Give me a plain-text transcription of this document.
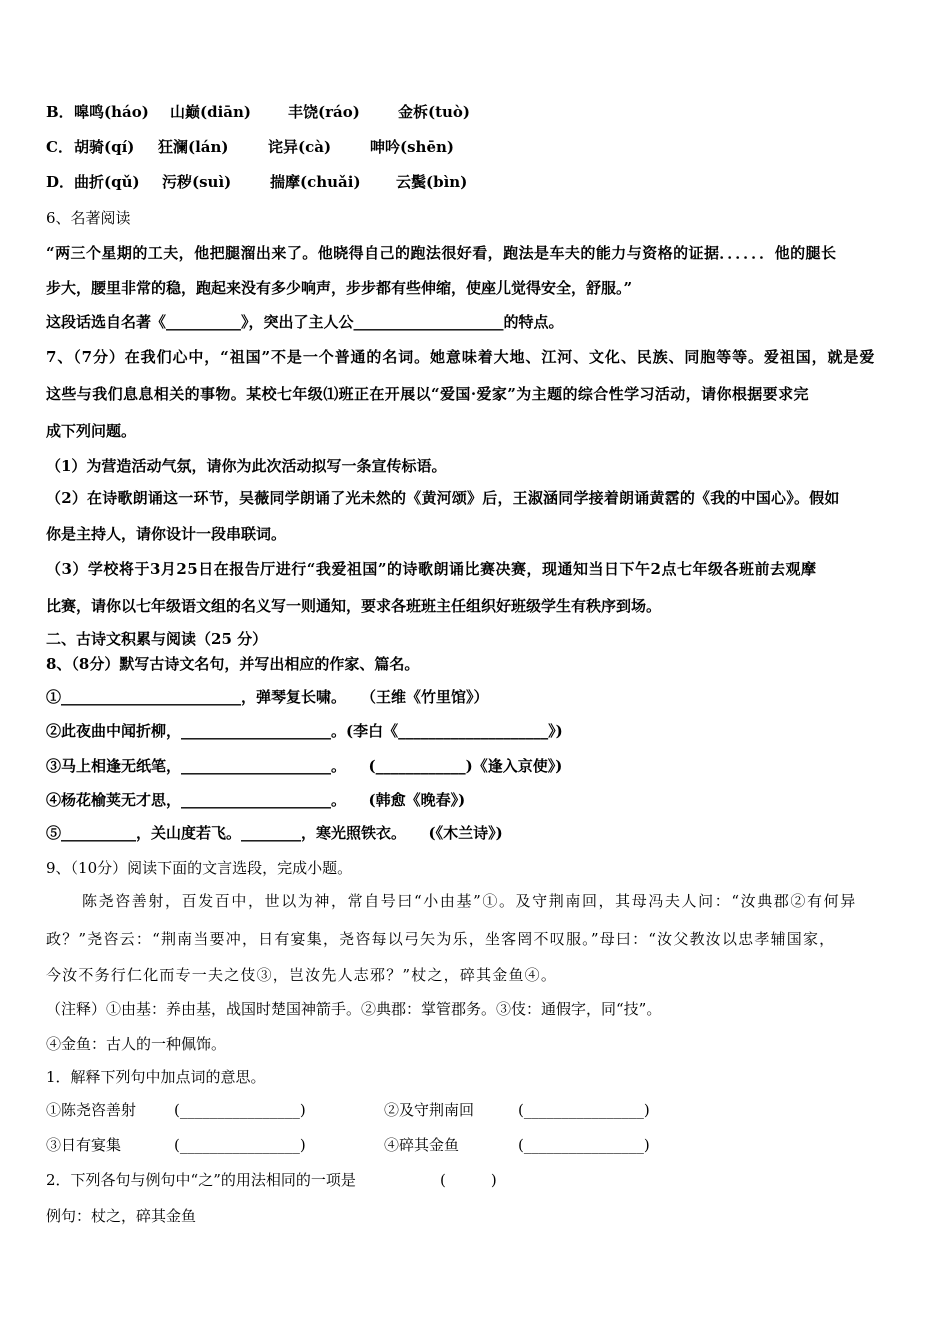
B． 嗥鸣(háo) 山巅(diān) 丰饶(ráo)	金柝(tuò)
C． 胡骑(qí) 狂澜(lán)	诧异(cà)	呻吟(shēn)
D． 曲折(qǔ) 污秽(suì)	揣摩(chuǎi) 云鬓(bìn)

6、名著阅读

“两三个星期的工夫，他把腿溜出来了。他晓得自己的跑法很好看，跑法是车夫的能力与资格的证据．．．．．．他的腿长

步大，腰里非常的稳，跑起来没有多少响声，步步都有些伸缩，使座儿觉得安全，舒服。”

这段话选自名著《__________》，突出了主人公____________________的特点。

7、（7分）在我们心中，“祖国”不是一个普通的名词。她意味着大地、江河、文化、民族、同胞等等。爱祖国，就是爱

这些与我们息息相关的事物。某校七年级⑴班正在开展以“爱国·爱家”为主题的综合性学习活动，请你根据要求完

成下列问题。

（1）为营造活动气氛，请你为此次活动拟写一条宣传标语。

（2）在诗歌朗诵这一环节，吴薇同学朗诵了光未然的《黄河颂》后，王淑涵同学接着朗诵黄霑的《我的中国心》。假如

你是主持人，请你设计一段串联词。

（3）学校将于3月25日在报告厅进行“我爱祖国”的诗歌朗诵比赛决赛，现通知当日下午2点七年级各班前去观摩

比赛，请你以七年级语文组的名义写一则通知，要求各班班主任组织好班级学生有秩序到场。

二、古诗文积累与阅读（25 分）

8、（8分）默写古诗文名句，并写出相应的作家、篇名。

①________________________，弹琴复长啸。　　（王维《竹里馆》）

②此夜曲中闻折柳，____________________。(李白《____________________》)

③马上相逢无纸笔，____________________。　　(____________)《逢入京使》)

④杨花榆荚无才思，____________________。　　(韩愈《晚春》)

⑤__________，关山度若飞。________，寒光照铁衣。　　(《木兰诗》)

9、（10分）阅读下面的文言选段，完成小题。

陈尧咨善射，百发百中，世以为神，常自号曰“小由基”①。及守荆南回，其母冯夫人问：“汝典郡②有何异

政？”尧咨云：“荆南当要冲，日有宴集，尧咨每以弓矢为乐，坐客罔不叹服。”母曰：“汝父教汝以忠孝辅国家，

今汝不务行仁化而专一夫之伎③，岂汝先人志邪？”杖之，碎其金鱼④。

（注释）①由基：养由基，战国时楚国神箭手。②典郡：掌管郡务。③伎：通假字，同“技”。

④金鱼：古人的一种佩饰。

1．解释下列句中加点词的意思。

①陈尧咨善射	(________________)	②及守荆南回	(________________)
③日有宴集	(________________)	④碎其金鱼	(________________)
2．下列各句与例句中“之”的用法相同的一项是	(　　　)

例句：杖之，碎其金鱼
